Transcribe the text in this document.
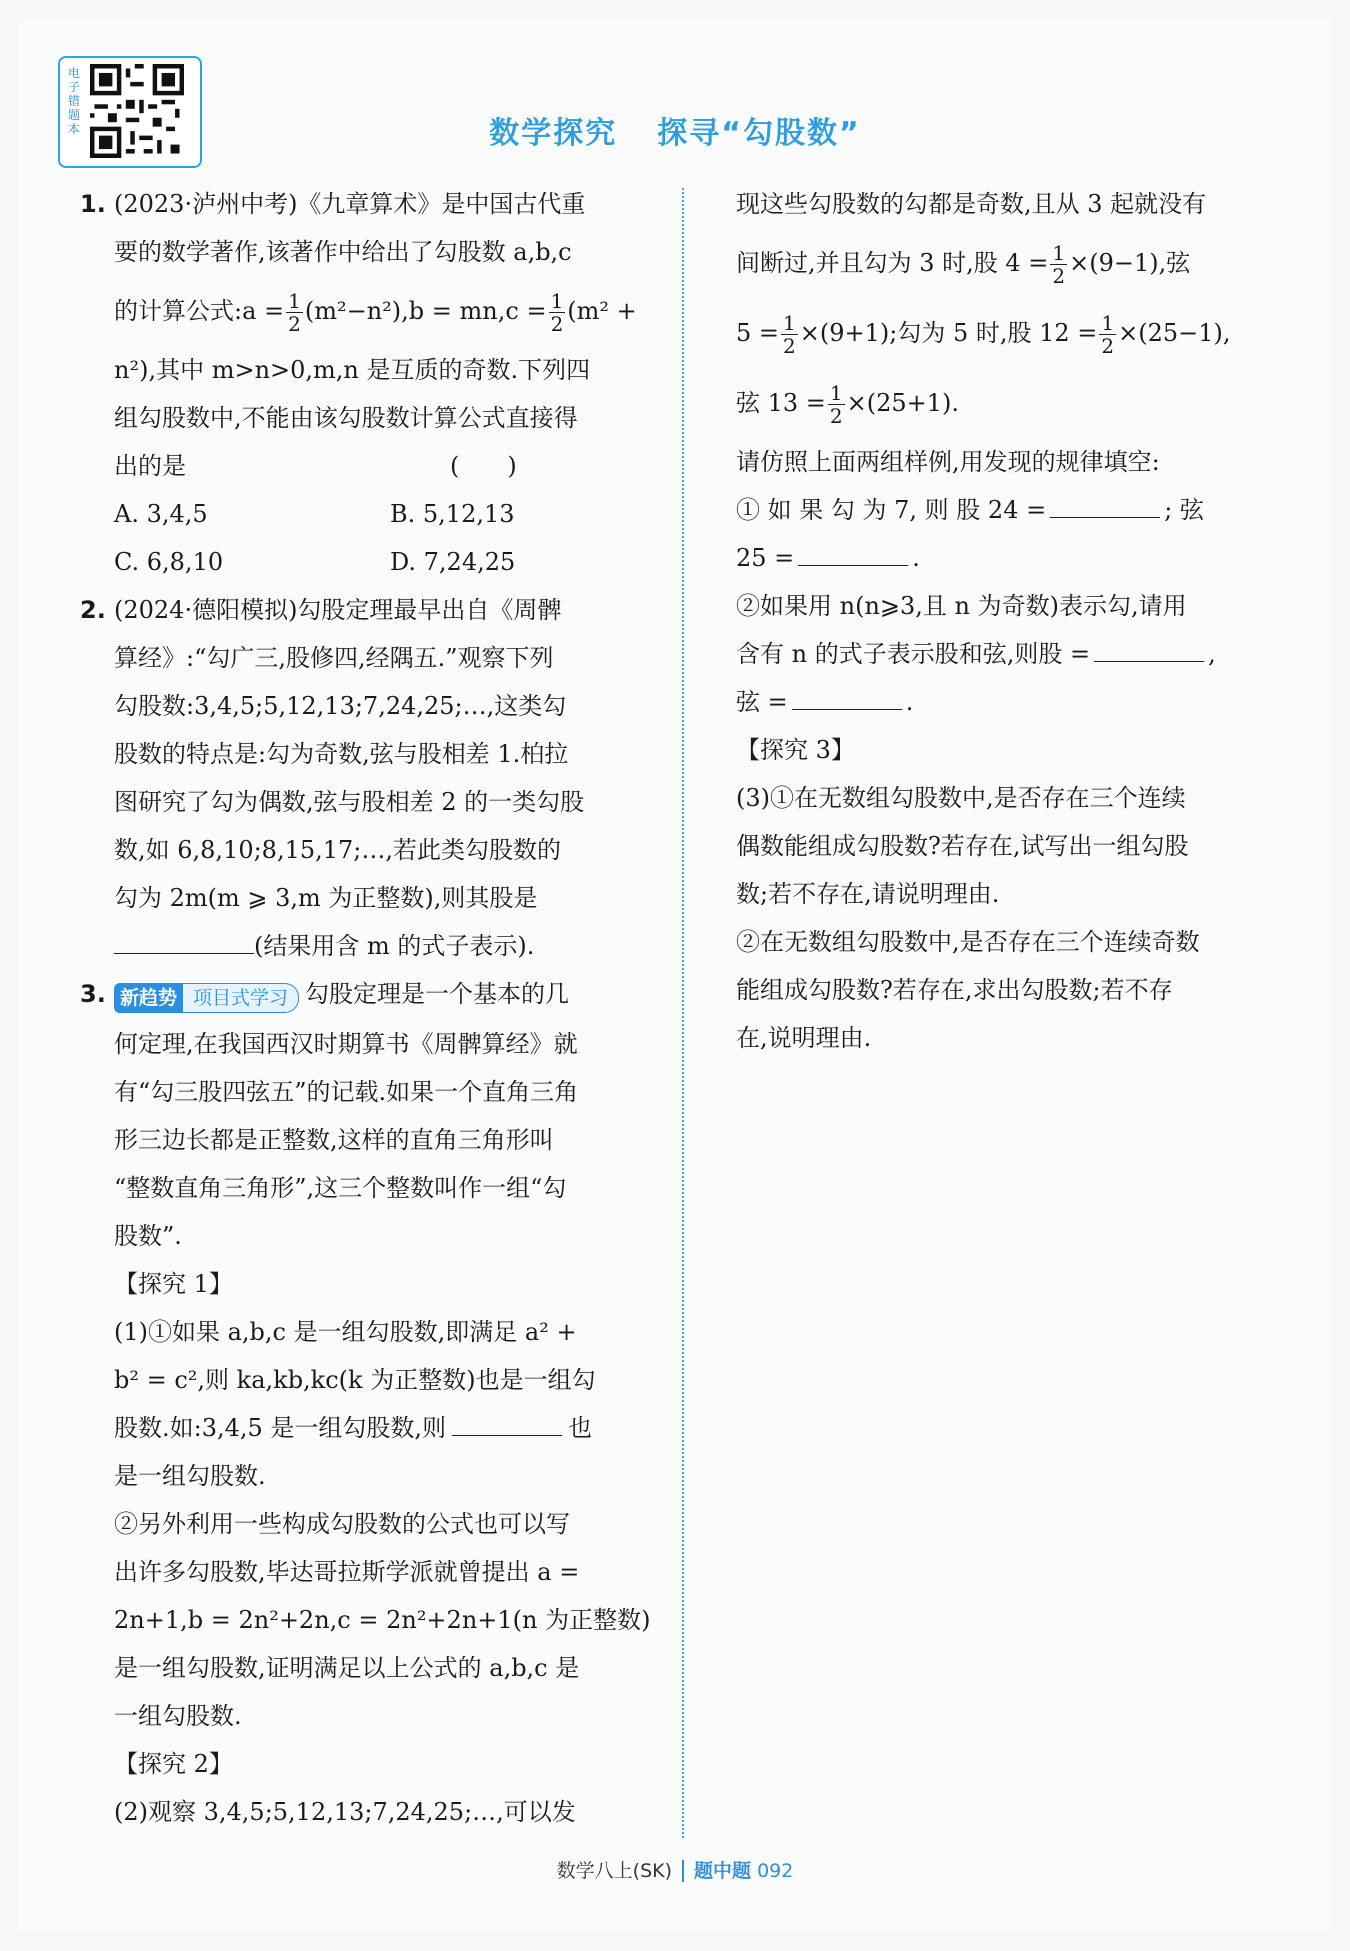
电子错题本	数学探究 探寻“勾股数”
1. (2023·泸州中考)《九章算术》是中国古代重
要的数学著作,该著作中给出了勾股数 a,b,c
的计算公式:a = $\frac{1}{2} (m^2-n^2),b = mn,c = \frac{1}{2} (m^2$ +
n²),其中 m>n>0,m,n 是互质的奇数.下列四
组勾股数中,不能由该勾股数计算公式直接得
出的是　　　　　　　　　　　(　　)
A. 3,4,5	B. 5,12,13
C. 6,8,10	D. 7,24,25
2. (2024·德阳模拟)勾股定理最早出自《周髀
算经》:“勾广三,股修四,经隅五.”观察下列
勾股数:3,4,5;5,12,13;7,24,25;…,这类勾
股数的特点是:勾为奇数,弦与股相差 1.柏拉
图研究了勾为偶数,弦与股相差 2 的一类勾股
数,如 6,8,10;8,15,17;…,若此类勾股数的
勾为 2m(m ⩾ 3,m 为正整数),则其股是
(结果用含 m 的式子表示).
3. 新趋势 项目式学习 勾股定理是一个基本的几
何定理,在我国西汉时期算书《周髀算经》就
有“勾三股四弦五”的记载.如果一个直角三角
形三边长都是正整数,这样的直角三角形叫
“整数直角三角形”,这三个整数叫作一组“勾
股数”.
【探究 1】
(1)①如果 a,b,c 是一组勾股数,即满足 a² +
b² = c²,则 ka,kb,kc(k 为正整数)也是一组勾
股数.如:3,4,5 是一组勾股数,则	也
是一组勾股数.
②另外利用一些构成勾股数的公式也可以写
出许多勾股数,毕达哥拉斯学派就曾提出 a =
2n+1,b = 2n²+2n,c = 2n²+2n+1(n 为正整数)
是一组勾股数,证明满足以上公式的 a,b,c 是
一组勾股数.
【探究 2】
(2)观察 3,4,5;5,12,13;7,24,25;…,可以发
现这些勾股数的勾都是奇数,且从 3 起就没有
间断过,并且勾为 3 时,股 $4 = \frac{1}{2} \times(9-1)$,弦
$5 = \frac{1}{2} \times(9+1)$;勾为 5 时,股 $12 = \frac{1}{2} \times(25-1)$,
弦 $13 = \frac{1}{2} \times(25+1)$.
请仿照上面两组样例,用发现的规律填空:
① 如 果 勾 为 7, 则 股 24 =	; 弦
25 =	.
②如果用 n(n⩾3,且 n 为奇数)表示勾,请用
含有 n 的式子表示股和弦,则股 =	,
弦 =	.
【探究 3】
(3)①在无数组勾股数中,是否存在三个连续
偶数能组成勾股数?若存在,试写出一组勾股
数;若不存在,请说明理由.
②在无数组勾股数中,是否存在三个连续奇数
能组成勾股数?若存在,求出勾股数;若不存
在,说明理由.
数学八上(SK) 题中题 092
